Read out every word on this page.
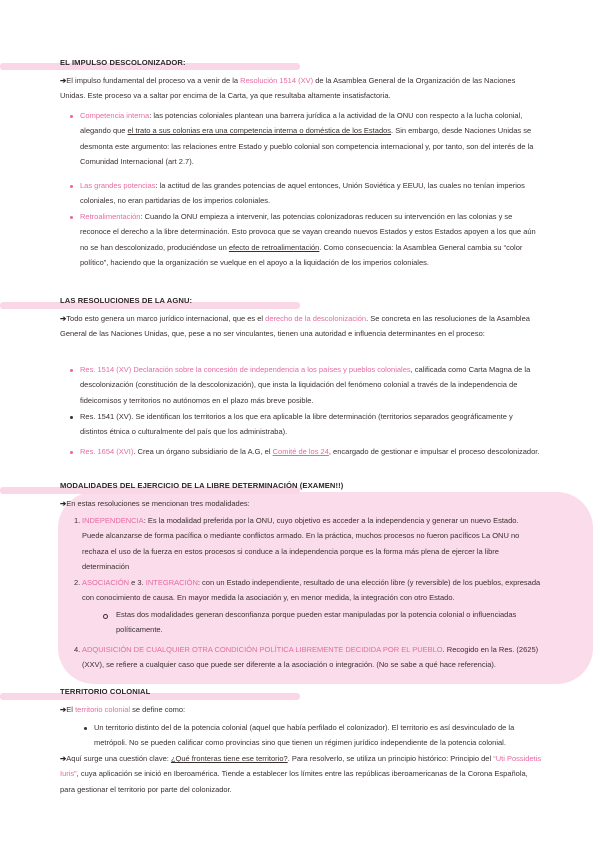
EL IMPULSO DESCOLONIZADOR:
➔El impulso fundamental del proceso va a venir de la Resolución 1514 (XV) de la Asamblea General de la Organización de las Naciones Unidas. Este proceso va a saltar por encima de la Carta, ya que resultaba altamente insatisfactoria.
Competencia interna: las potencias coloniales plantean una barrera jurídica a la actividad de la ONU con respecto a la lucha colonial, alegando que el trato a sus colonias era una competencia interna o doméstica de los Estados. Sin embargo, desde Naciones Unidas se desmonta este argumento: las relaciones entre Estado y pueblo colonial son competencia internacional y, por tanto, son del interés de la Comunidad Internacional (art 2.7).
Las grandes potencias: la actitud de las grandes potencias de aquel entonces, Unión Soviética y EEUU, las cuales no tenían imperios coloniales, no eran partidarias de los imperios coloniales.
Retroalimentación: Cuando la ONU empieza a intervenir, las potencias colonizadoras reducen su intervención en las colonias y se reconoce el derecho a la libre determinación. Esto provoca que se vayan creando nuevos Estados y estos Estados apoyen a los que aún no se han descolonizado, produciéndose un efecto de retroalimentación. Como consecuencia: la Asamblea General cambia su “color político”, haciendo que la organización se vuelque en el apoyo a la liquidación de los imperios coloniales.
LAS RESOLUCIONES DE LA AGNU:
➔Todo esto genera un marco jurídico internacional, que es el derecho de la descolonización. Se concreta en las resoluciones de la Asamblea General de las Naciones Unidas, que, pese a no ser vinculantes, tienen una autoridad e influencia determinantes en el proceso:
Res. 1514 (XV) Declaración sobre la concesión de independencia a los países y pueblos coloniales, calificada como Carta Magna de la descolonización (constitución de la descolonización), que insta la liquidación del fenómeno colonial a través de la independencia de fideicomisos y territorios no autónomos en el plazo más breve posible.
Res. 1541 (XV). Se identifican los territorios a los que era aplicable la libre determinación (territorios separados geográficamente y distintos étnica o culturalmente del país que los administraba).
Res. 1654 (XVI). Crea un órgano subsidiario de la A.G, el Comité de los 24, encargado de gestionar e impulsar el proceso descolonizador.
MODALIDADES DEL EJERCICIO DE LA LIBRE DETERMINACIÓN (EXAMEN!!)
➔En estas resoluciones se mencionan tres modalidades:
1. INDEPENDENCIA: Es la modalidad preferida por la ONU, cuyo objetivo es acceder a la independencia y generar un nuevo Estado. Puede alcanzarse de forma pacífica o mediante conflictos armado. En la práctica, muchos procesos no fueron pacíficos La ONU no rechaza el uso de la fuerza en estos procesos si conduce a la independencia porque es la forma más plena de ejercer la libre determinación
2. ASOCIACIÓN e 3. INTEGRACIÓN: con un Estado independiente, resultado de una elección libre (y reversible) de los pueblos, expresada con conocimiento de causa. En mayor medida la asociación y, en menor medida, la integración con otro Estado.
Estas dos modalidades generan desconfianza porque pueden estar manipuladas por la potencia colonial o influenciadas políticamente.
4. ADQUISICIÓN DE CUALQUIER OTRA CONDICIÓN POLÍTICA LIBREMENTE DECIDIDA POR EL PUEBLO. Recogido en la Res. (2625) (XXV), se refiere a cualquier caso que puede ser diferente a la asociación o integración. (No se sabe a qué hace referencia).
TERRITORIO COLONIAL
➔El territorio colonial se define como:
Un territorio distinto del de la potencia colonial (aquel que había perfilado el colonizador). El territorio es así desvinculado de la metrópoli. No se pueden calificar como provincias sino que tienen un régimen jurídico independiente de la potencia colonial.
➔Aquí surge una cuestión clave: ¿Qué fronteras tiene ese territorio?. Para resolverlo, se utiliza un principio histórico: Principio del “Uti Possidetis Iuris”, cuya aplicación se inició en Iberoamérica. Tiende a establecer los límites entre las repúblicas iberoamericanas de la Corona Española, para gestionar el territorio por parte del colonizador.
